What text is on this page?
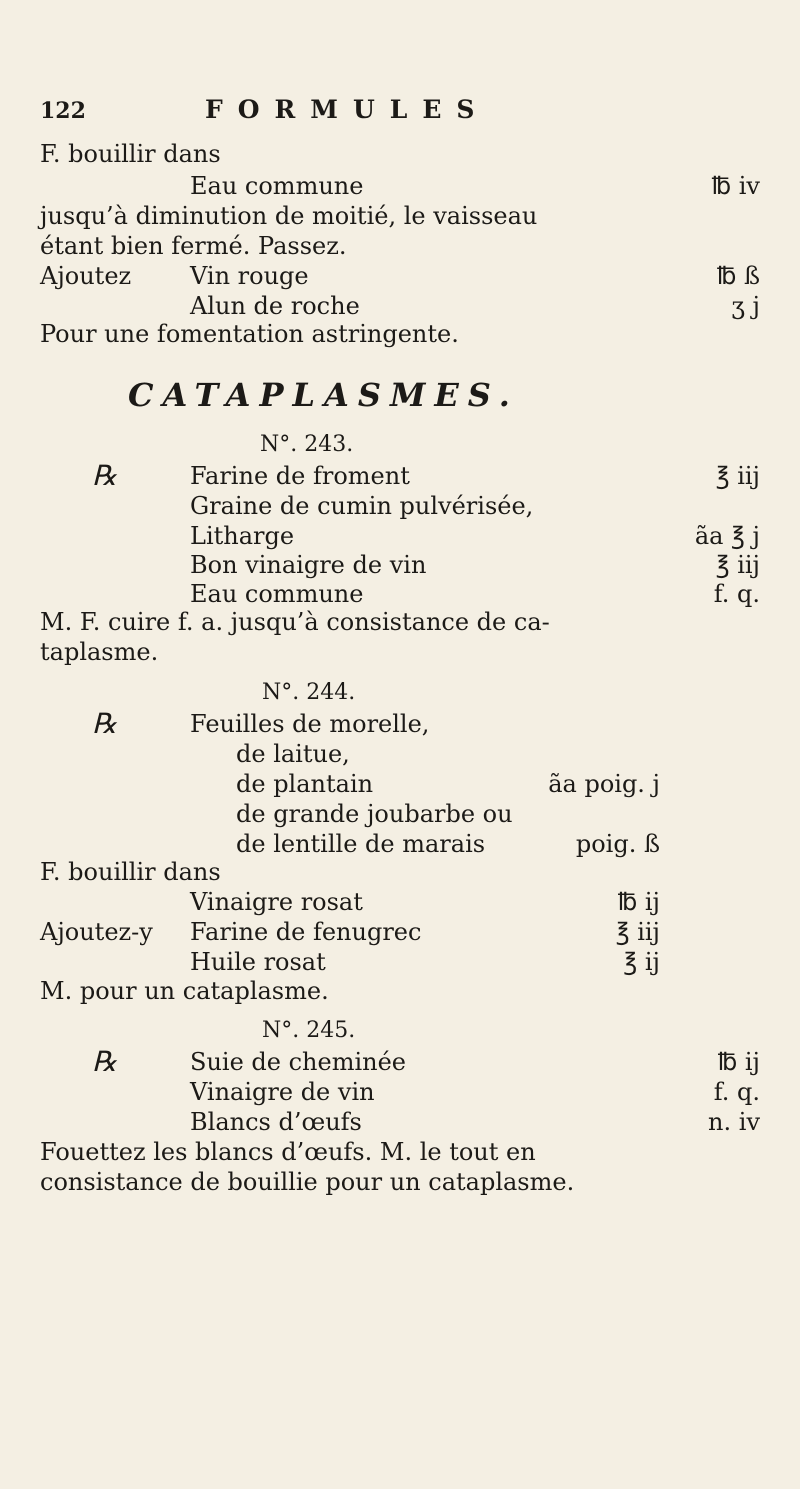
122	FORMULES
F. bouillir dans
Eau commune	℔ iv
jusqu’à diminution de moitié, le vaisseau
étant bien fermé. Passez.
Ajoutez Vin rouge	℔ ß
Alun de roche	ʒ j
Pour une fomentation astringente.
CATAPLASMES.
N°. 243.
℞	Farine de froment	℥ iij
Graine de cumin pulvérisée,
Litharge	ãa ℥ j
Bon vinaigre de vin	℥ iij
Eau commune	f. q.
M. F. cuire f. a. jusqu’à consistance de ca-
taplasme.
N°. 244.
℞	Feuilles de morelle,
de laitue,
de plantain	ãa poig. j
de grande joubarbe ou
de lentille de marais	poig. ß
F. bouillir dans
Vinaigre rosat	℔ ij
Ajoutez-y Farine de fenugrec	℥ iij
Huile rosat	℥ ij
M. pour un cataplasme.
N°. 245.
℞	Suie de cheminée	℔ ij
Vinaigre de vin	f. q.
Blancs d’œufs	n. iv
Fouettez les blancs d’œufs. M. le tout en
consistance de bouillie pour un cataplasme.
